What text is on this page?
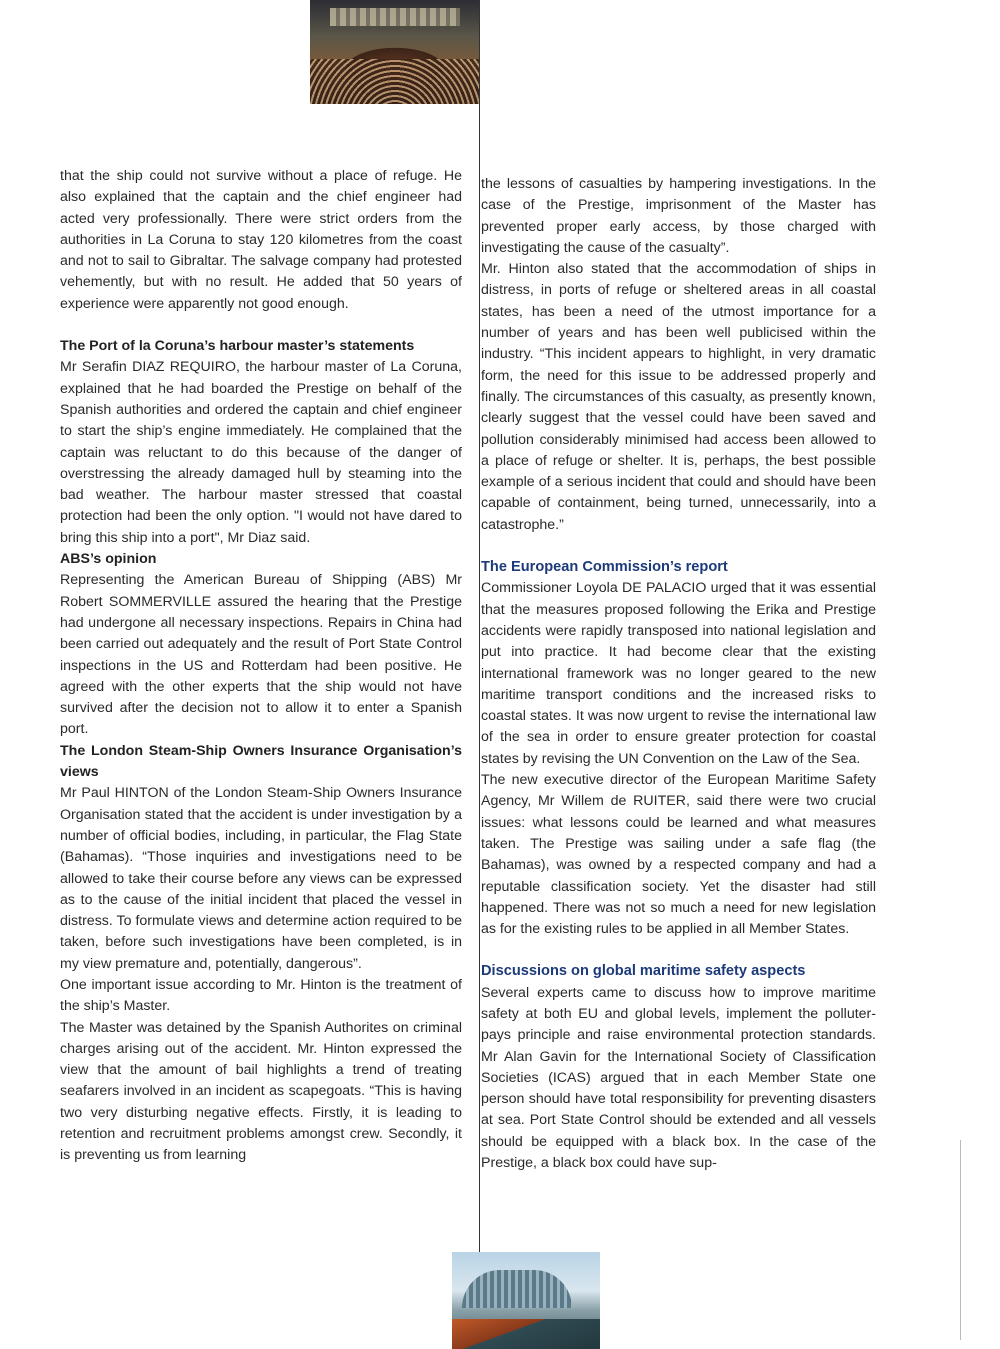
that the ship could not survive without a place of refuge. He also explained that the captain and the chief engineer had acted very professionally. There were strict orders from the authorities in La Coruna to stay 120 kilometres from the coast and not to sail to Gibraltar. The salvage company had protested vehemently, but with no result. He added that 50 years of experience were apparently not good enough.

The Port of la Coruna’s harbour master’s statements

Mr Serafin DIAZ REQUIRO, the harbour master of La Coruna, explained that he had boarded the Prestige on behalf of the Spanish authorities and ordered the captain and chief engineer to start the ship’s engine immediately. He complained that the captain was reluctant to do this because of the danger of overstressing the already damaged hull by steaming into the bad weather. The harbour master stressed that coastal protection had been the only option. "I would not have dared to bring this ship into a port", Mr Diaz said.

ABS’s opinion

Representing the American Bureau of Shipping (ABS) Mr Robert SOMMERVILLE assured the hearing that the Prestige had undergone all necessary inspections. Repairs in China had been carried out adequately and the result of Port State Control inspections in the US and Rotterdam had been positive. He agreed with the other experts that the ship would not have survived after the decision not to allow it to enter a Spanish port.

The London Steam-Ship Owners Insurance Organisation’s views

Mr Paul HINTON of the London Steam-Ship Owners Insurance Organisation stated that the accident is under investigation by a number of official bodies, including, in particular, the Flag State (Bahamas). “Those inquiries and investigations need to be allowed to take their course before any views can be expressed as to the cause of the initial incident that placed the vessel in distress. To formulate views and determine action required to be taken, before such investigations have been completed, is in my view premature and, potentially, dangerous”.

One important issue according to Mr. Hinton is the treatment of the ship’s Master.

The Master was detained by the Spanish Authorites on criminal charges arising out of the accident. Mr. Hinton expressed the view that the amount of bail highlights a trend of treating seafarers involved in an incident as scapegoats. “This is having two very disturbing negative effects. Firstly, it is leading to retention and recruitment problems amongst crew. Secondly, it is preventing us from learning

the lessons of casualties by hampering investigations. In the case of the Prestige, imprisonment of the Master has prevented proper early access, by those charged with investigating the cause of the casualty”.

Mr. Hinton also stated that the accommodation of ships in distress, in ports of refuge or sheltered areas in all coastal states, has been a need of the utmost importance for a number of years and has been well publicised within the industry. “This incident appears to highlight, in very dramatic form, the need for this issue to be addressed properly and finally. The circumstances of this casualty, as presently known, clearly suggest that the vessel could have been saved and pollution considerably minimised had access been allowed to a place of refuge or shelter. It is, perhaps, the best possible example of a serious incident that could and should have been capable of containment, being turned, unnecessarily, into a catastrophe.”

The European Commission’s report

Commissioner Loyola DE PALACIO urged that it was essential that the measures proposed following the Erika and Prestige accidents were rapidly transposed into national legislation and put into practice. It had become clear that the existing international framework was no longer geared to the new maritime transport conditions and the increased risks to coastal states. It was now urgent to revise the international law of the sea in order to ensure greater protection for coastal states by revising the UN Convention on the Law of the Sea.

The new executive director of the European Maritime Safety Agency, Mr Willem de RUITER, said there were two crucial issues: what lessons could be learned and what measures taken. The Prestige was sailing under a safe flag (the Bahamas), was owned by a respected company and had a reputable classification society. Yet the disaster had still happened. There was not so much a need for new legislation as for the existing rules to be applied in all Member States.

Discussions on global maritime safety aspects

Several experts came to discuss how to improve maritime safety at both EU and global levels, implement the polluter-pays principle and raise environmental protection standards. Mr Alan Gavin for the International Society of Classification Societies (ICAS) argued that in each Member State one person should have total responsibility for preventing disasters at sea. Port State Control should be extended and all vessels should be equipped with a black box. In the case of the Prestige, a black box could have sup-
